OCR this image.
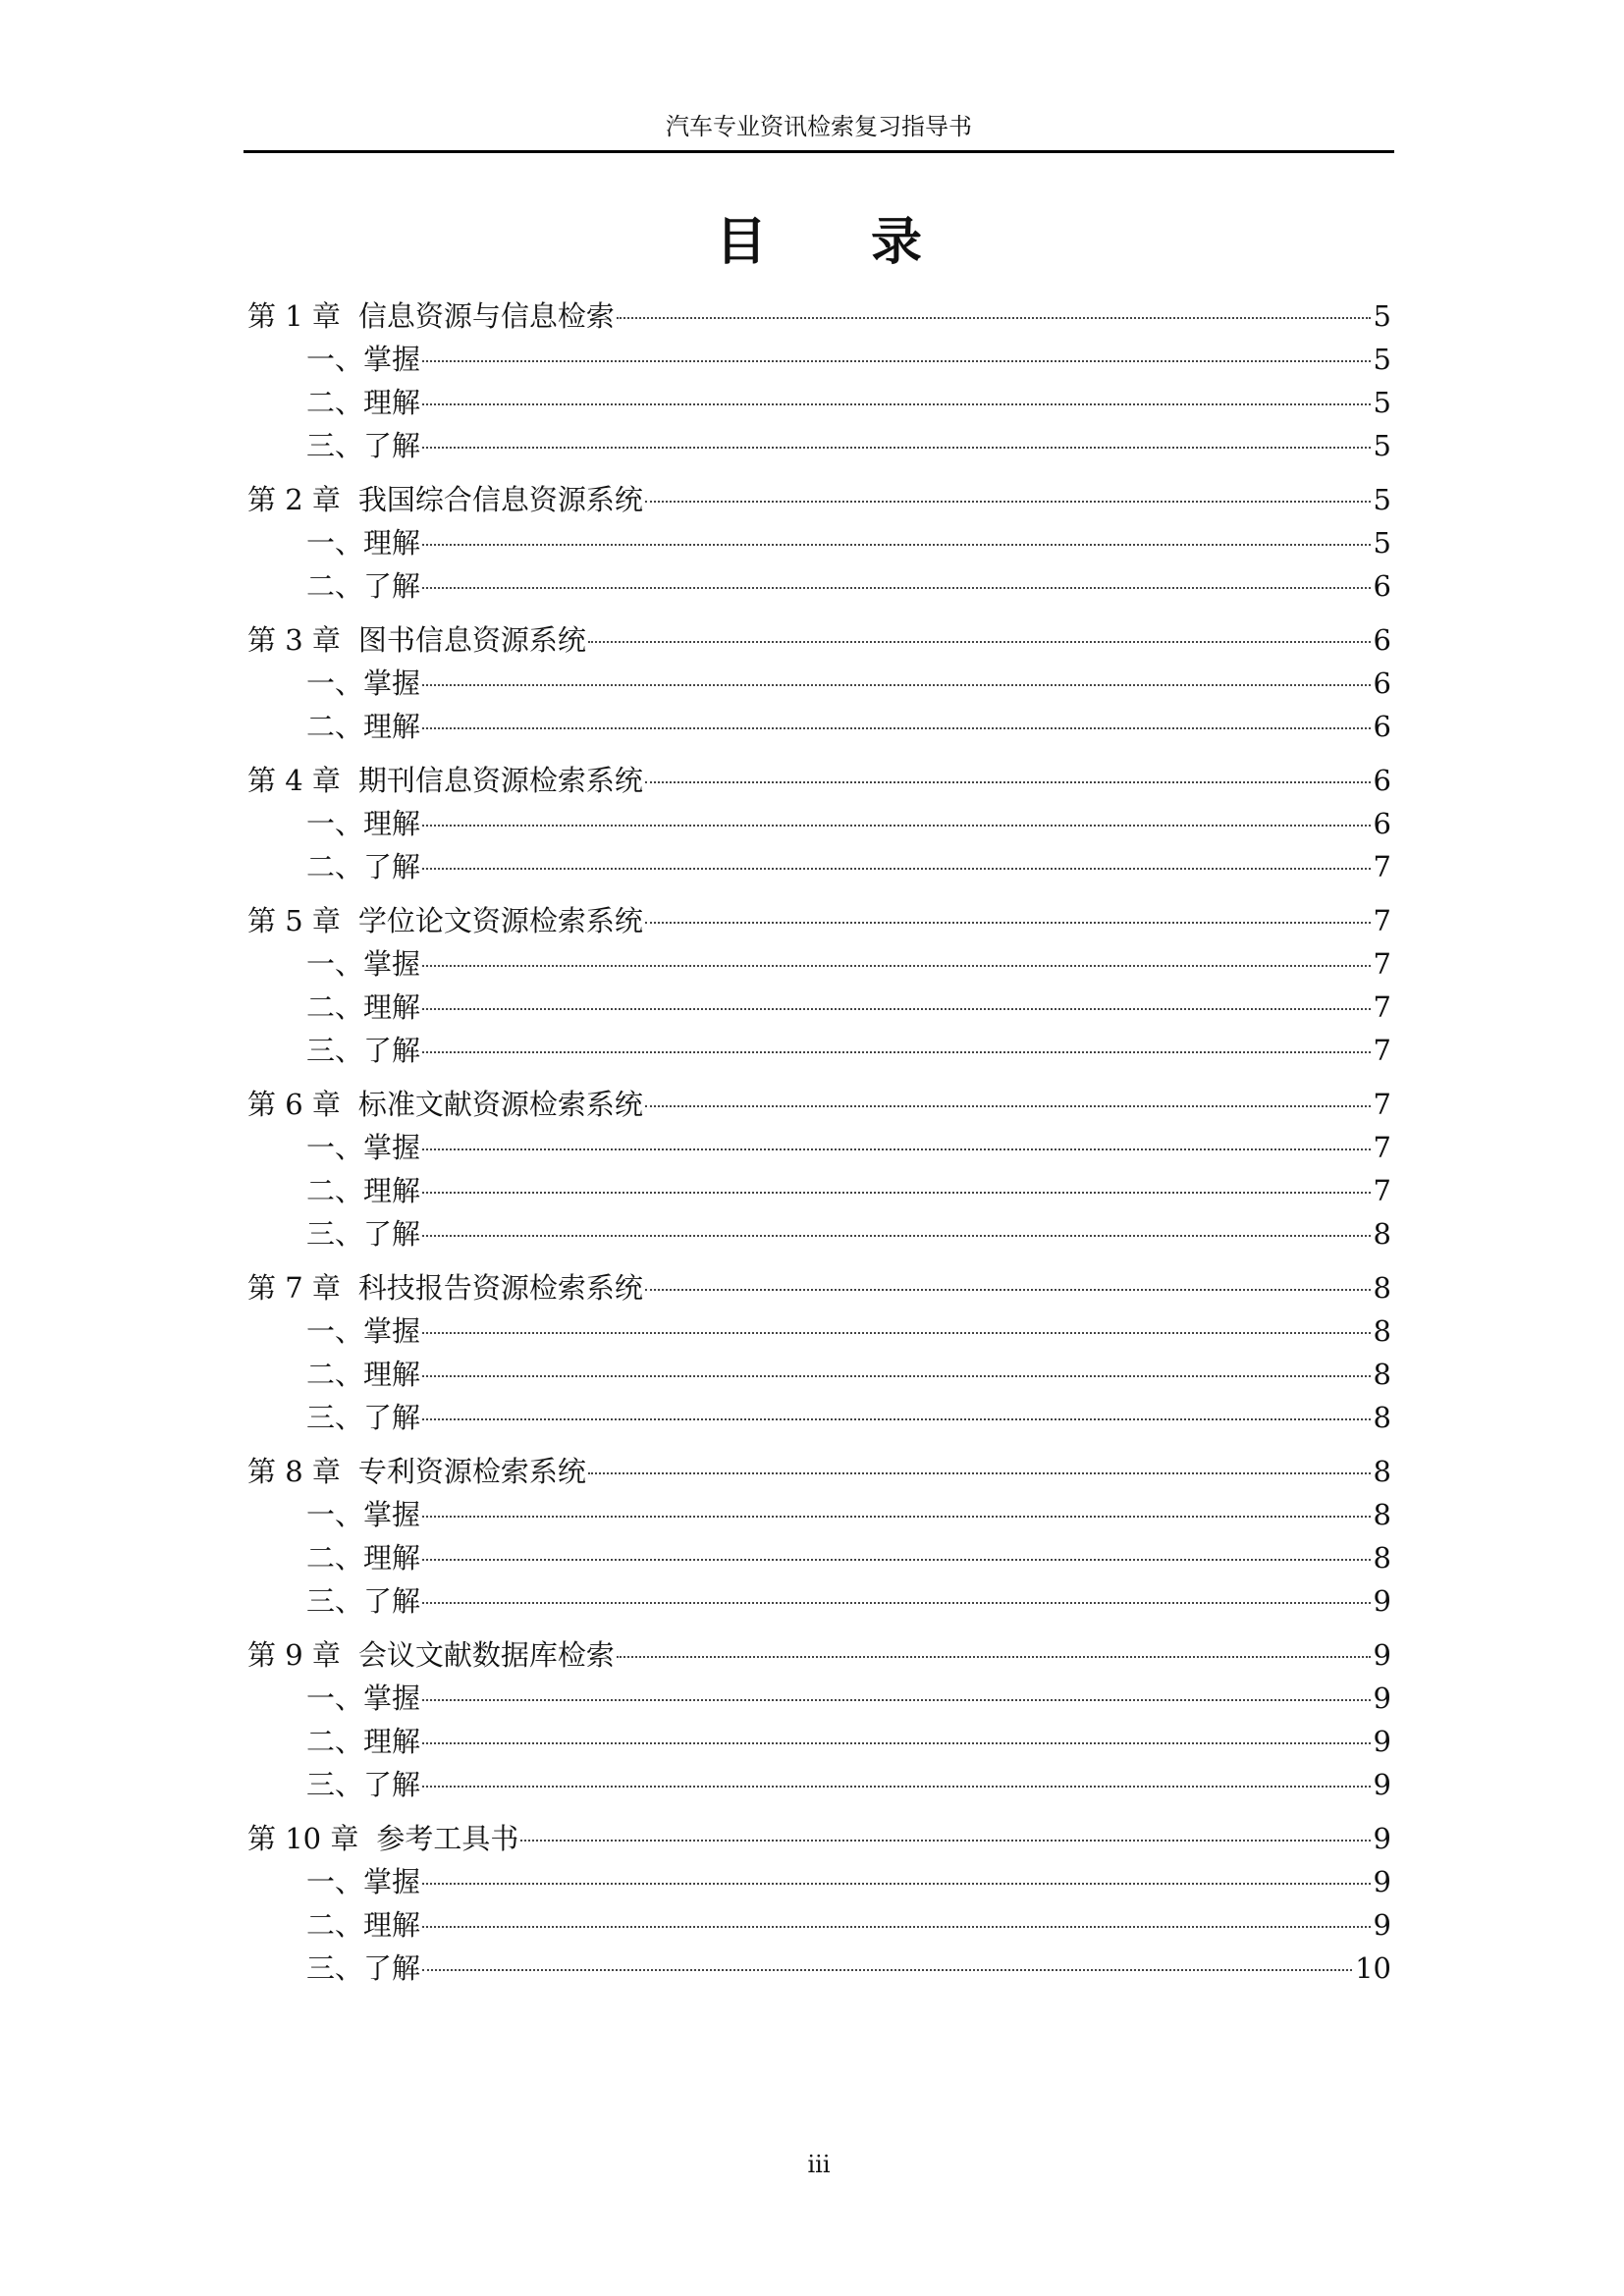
汽车专业资讯检索复习指导书
目 录
第 1 章 信息资源与信息检索	5
一、掌握	5
二、理解	5
三、了解	5
第 2 章 我国综合信息资源系统	5
一、理解	5
二、了解	6
第 3 章 图书信息资源系统	6
一、掌握	6
二、理解	6
第 4 章 期刊信息资源检索系统	6
一、理解	6
二、了解	7
第 5 章 学位论文资源检索系统	7
一、掌握	7
二、理解	7
三、了解	7
第 6 章 标准文献资源检索系统	7
一、掌握	7
二、理解	7
三、了解	8
第 7 章 科技报告资源检索系统	8
一、掌握	8
二、理解	8
三、了解	8
第 8 章 专利资源检索系统	8
一、掌握	8
二、理解	8
三、了解	9
第 9 章 会议文献数据库检索	9
一、掌握	9
二、理解	9
三、了解	9
第 10 章 参考工具书	9
一、掌握	9
二、理解	9
三、了解	10
iii
